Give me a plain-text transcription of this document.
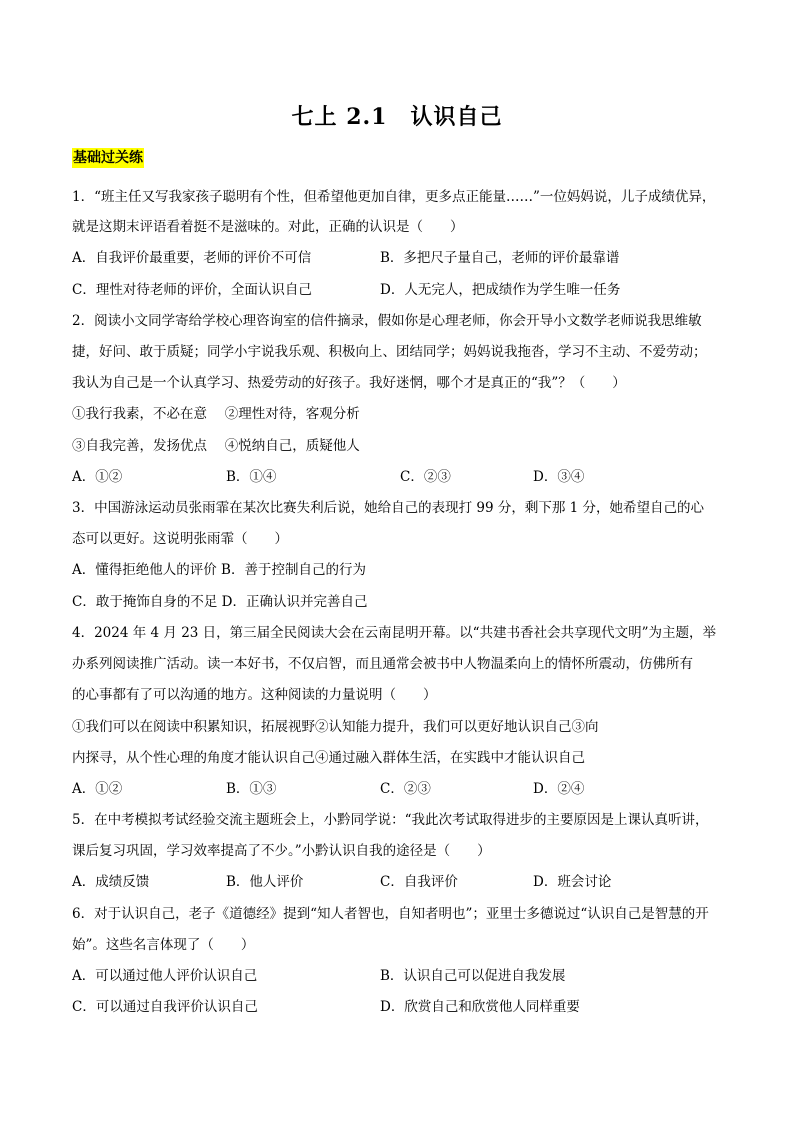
七上 2.1　认识自己
基础过关练
1．“班主任又写我家孩子聪明有个性，但希望他更加自律，更多点正能量……”一位妈妈说，儿子成绩优异，
就是这期末评语看着挺不是滋味的。对此，正确的认识是（　　）
A．自我评价最重要，老师的评价不可信	B．多把尺子量自己，老师的评价最靠谱
C．理性对待老师的评价，全面认识自己	D．人无完人，把成绩作为学生唯一任务
2．阅读小文同学寄给学校心理咨询室的信件摘录，假如你是心理老师，你会开导小文数学老师说我思维敏
捷，好问、敢于质疑；同学小宇说我乐观、积极向上、团结同学；妈妈说我拖沓，学习不主动、不爱劳动；
我认为自己是一个认真学习、热爱劳动的好孩子。我好迷惘，哪个才是真正的“我”？（　　）
①我行我素，不必在意　 ②理性对待，客观分析
③自我完善，发扬优点　 ④悦纳自己，质疑他人
A．①②	B．①④	C．②③	D．③④
3．中国游泳运动员张雨霏在某次比赛失利后说，她给自己的表现打 99 分，剩下那 1 分，她希望自己的心
态可以更好。这说明张雨霏（　　）
A．懂得拒绝他人的评价 B．善于控制自己的行为
C．敢于掩饰自身的不足 D．正确认识并完善自己
4．2024 年 4 月 23 日，第三届全民阅读大会在云南昆明开幕。以“共建书香社会共享现代文明”为主题，举
办系列阅读推广活动。读一本好书，不仅启智，而且通常会被书中人物温柔向上的情怀所震动，仿佛所有
的心事都有了可以沟通的地方。这种阅读的力量说明（　　）
①我们可以在阅读中积累知识，拓展视野②认知能力提升，我们可以更好地认识自己③向
内探寻，从个性心理的角度才能认识自己④通过融入群体生活，在实践中才能认识自己
A．①②	B．①③	C．②③	D．②④
5．在中考模拟考试经验交流主题班会上，小黔同学说：“我此次考试取得进步的主要原因是上课认真听讲，
课后复习巩固，学习效率提高了不少。”小黔认识自我的途径是（　　）
A．成绩反馈	B．他人评价	C．自我评价	D．班会讨论
6．对于认识自己，老子《道德经》提到“知人者智也，自知者明也”；亚里士多德说过“认识自己是智慧的开
始”。这些名言体现了（　　）
A．可以通过他人评价认识自己	B．认识自己可以促进自我发展
C．可以通过自我评价认识自己	D．欣赏自己和欣赏他人同样重要
